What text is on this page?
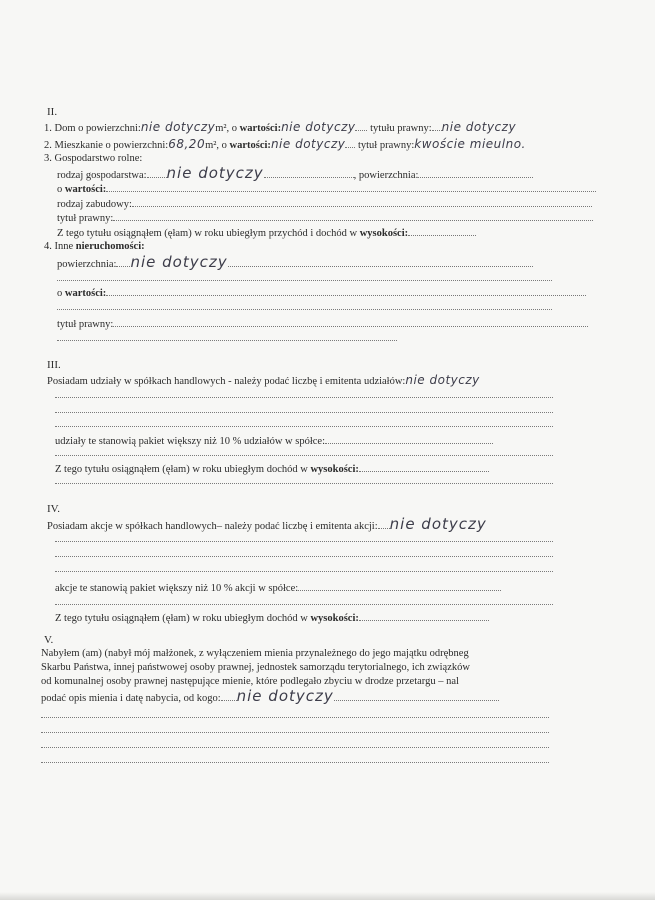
II.
1. Dom o powierzchni:nie dotyczym², o wartości:nie dotyczy tytułu prawny: nie dotyczy
2. Mieszkanie o powierzchni:68,20m², o wartości:nie dotyczy tytuł prawny:kwoście mieulno.
3. Gospodarstwo rolne:
rodzaj gospodarstwa: nie dotyczy	, powierzchnia:
o wartości:
rodzaj zabudowy:
tytuł prawny:
Z tego tytułu osiągnąłem (ęłam) w roku ubiegłym przychód i dochód w wysokości:
4. Inne nieruchomości:
powierzchnia: nie dotyczy
o wartości:
tytuł prawny:
III.
Posiadam udziały w spółkach handlowych - należy podać liczbę i emitenta udziałów:nie dotyczy
udziały te stanowią pakiet większy niż 10 % udziałów w spółce:
Z tego tytułu osiągnąłem (ęłam) w roku ubiegłym dochód w wysokości:
IV.
Posiadam akcje w spółkach handlowych– należy podać liczbę i emitenta akcji: nie dotyczy
akcje te stanowią pakiet większy niż 10 % akcji w spółce:
Z tego tytułu osiągnąłem (ęłam) w roku ubiegłym dochód w wysokości:
V.
Nabyłem (am) (nabył mój małżonek, z wyłączeniem mienia przynależnego do jego majątku odrębneg
Skarbu Państwa, innej państwowej osoby prawnej, jednostek samorządu terytorialnego, ich związków
od komunalnej osoby prawnej następujące mienie, które podlegało zbyciu w drodze przetargu – nal
podać opis mienia i datę nabycia, od kogo: nie dotyczy
